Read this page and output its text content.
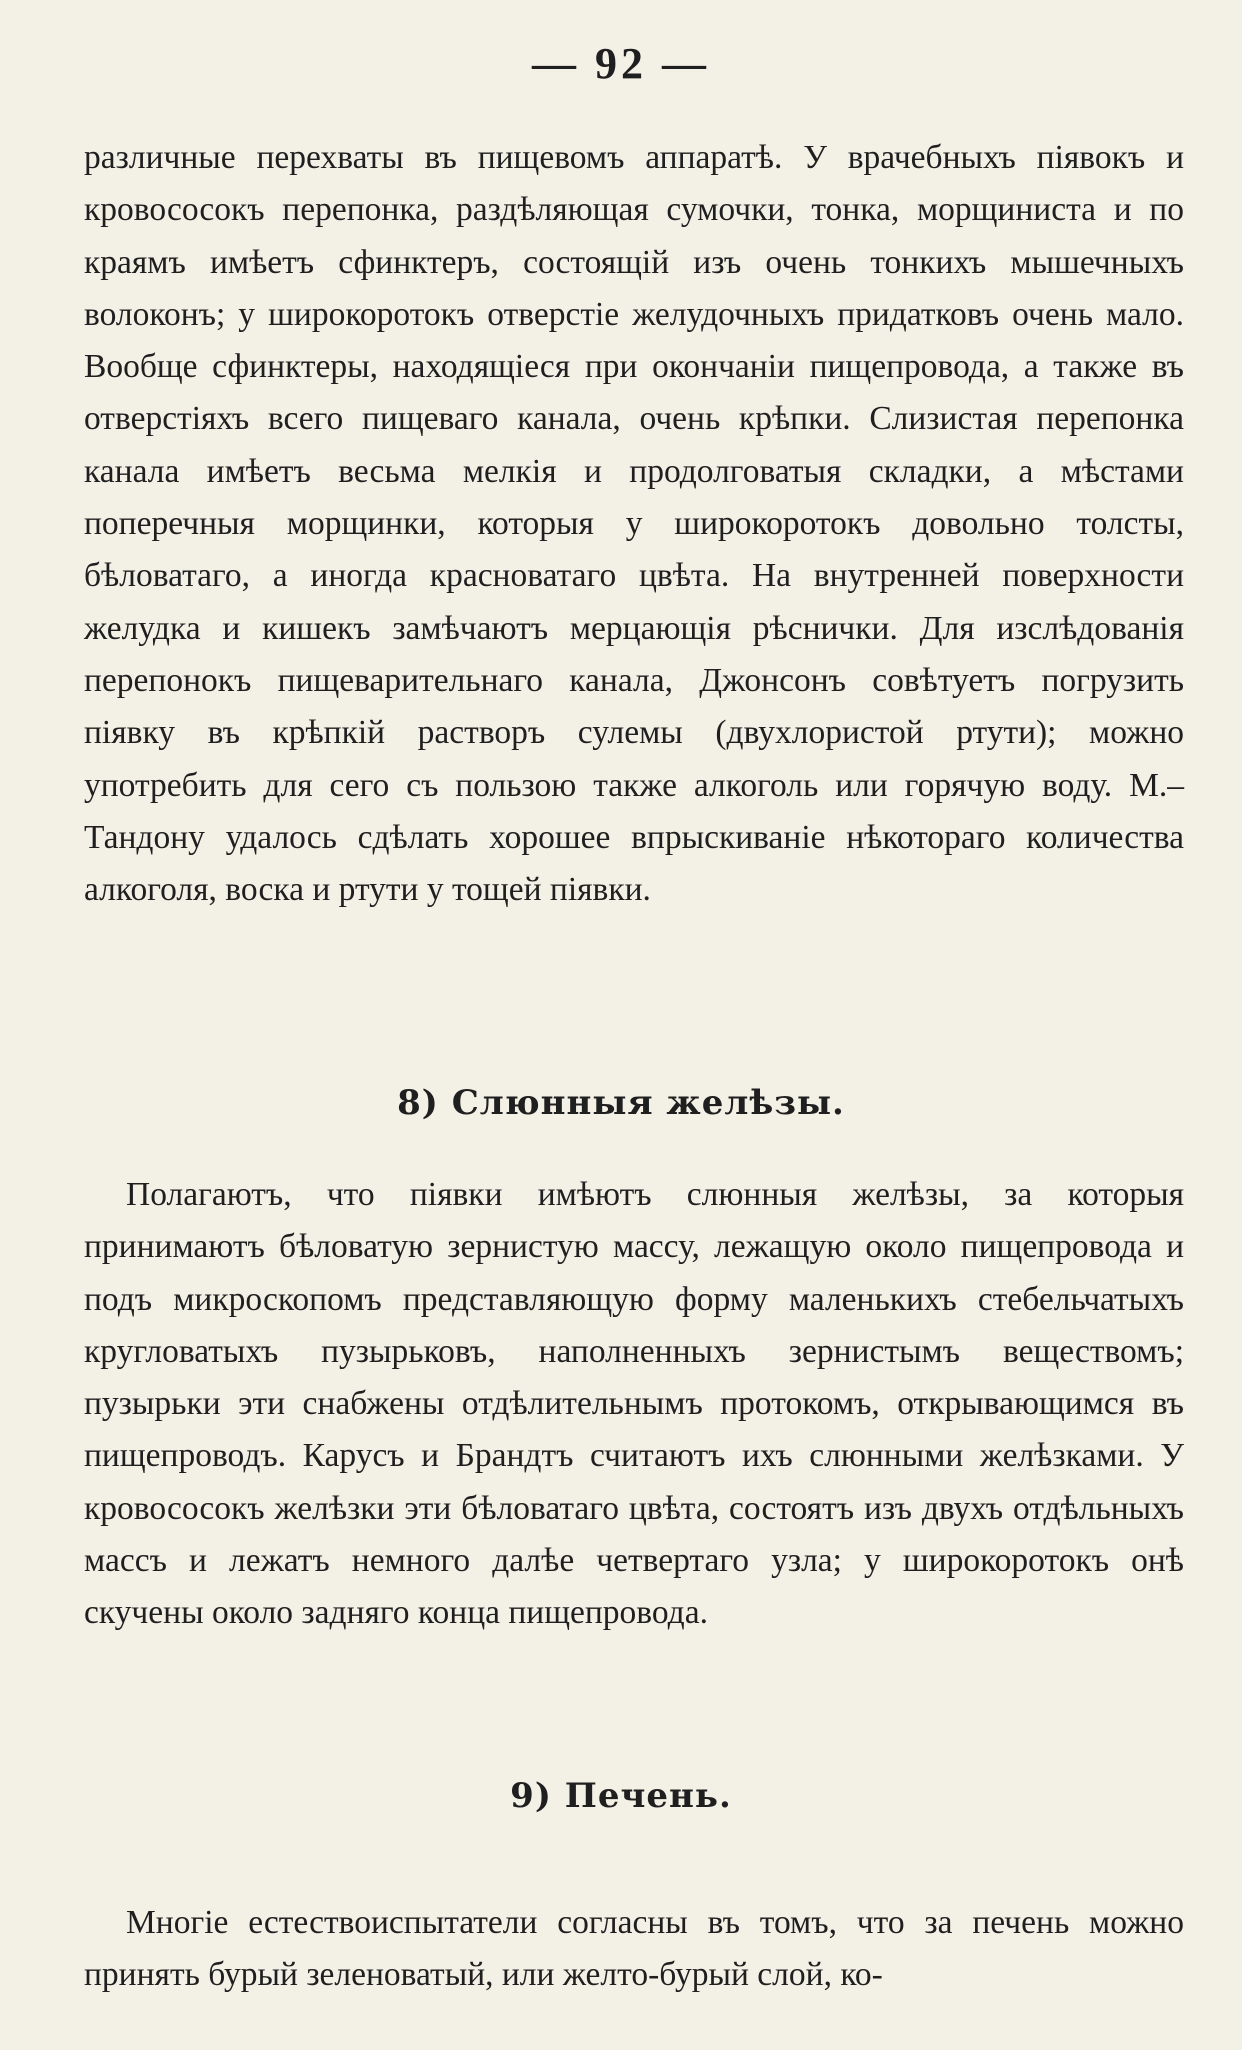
— 92 —
различные перехваты въ пищевомъ аппаратѣ. У врачебныхъ піявокъ и кровососокъ перепонка, раздѣляющая сумочки, тонка, морщиниста и по краямъ имѣетъ сфинктеръ, состоящій изъ очень тонкихъ мышечныхъ волоконъ; у широкоротокъ отверстіе желудочныхъ придатковъ очень мало. Вообще сфинктеры, находящіеся при окончаніи пищепровода, а также въ отверстіяхъ всего пищеваго канала, очень крѣпки. Слизистая перепонка канала имѣетъ весьма мелкія и продолговатыя складки, а мѣстами поперечныя морщинки, которыя у широкоротокъ довольно толсты, бѣловатаго, а иногда красноватаго цвѣта. На внутренней поверхности желудка и кишекъ замѣчаютъ мерцающія рѣснички. Для изслѣдованія перепонокъ пищеварительнаго канала, Джонсонъ совѣтуетъ погрузить піявку въ крѣпкій растворъ сулемы (двухлористой ртути); можно употребить для сего съ пользою также алкоголь или горячую воду. М.–Тандону удалось сдѣлать хорошее впрыскиваніе нѣкотораго количества алкоголя, воска и ртути у тощей піявки.
8) Слюнныя желѣзы.
Полагаютъ, что піявки имѣютъ слюнныя желѣзы, за которыя принимаютъ бѣловатую зернистую массу, лежащую около пищепровода и подъ микроскопомъ представляющую форму маленькихъ стебельчатыхъ кругловатыхъ пузырьковъ, наполненныхъ зернистымъ веществомъ; пузырьки эти снабжены отдѣлительнымъ протокомъ, открывающимся въ пищепроводъ. Карусъ и Брандтъ считаютъ ихъ слюнными желѣзками. У кровососокъ желѣзки эти бѣловатаго цвѣта, состоятъ изъ двухъ отдѣльныхъ массъ и лежатъ немного далѣе четвертаго узла; у широкоротокъ онѣ скучены около задняго конца пищепровода.
9) Печень.
Многіе естествоиспытатели согласны въ томъ, что за печень можно принять бурый зеленоватый, или желто-бурый слой, ко-
